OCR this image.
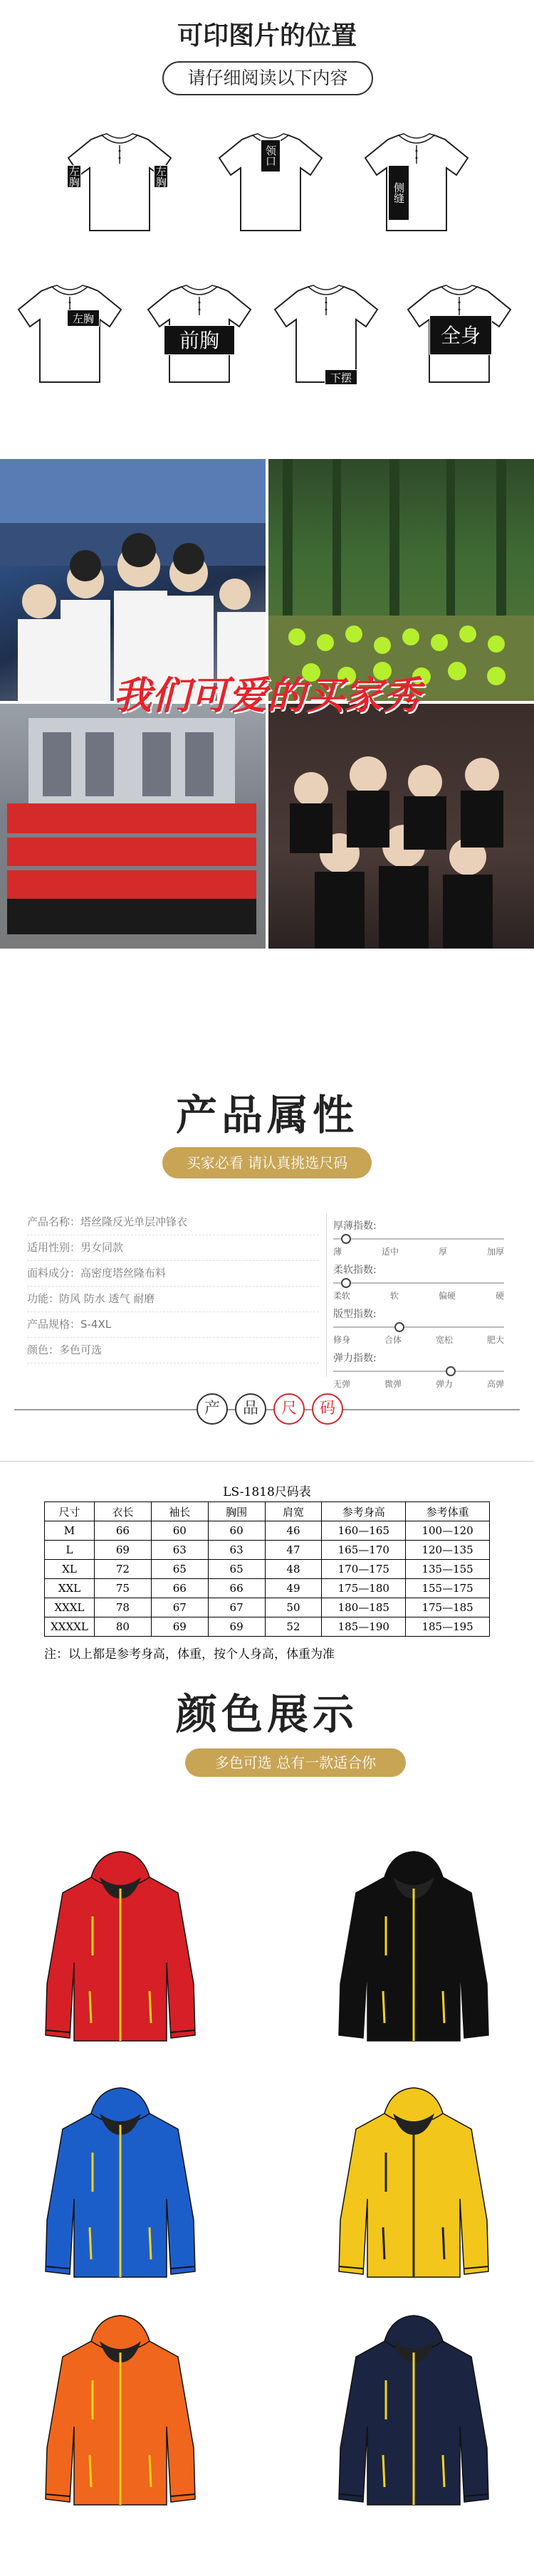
可印图片的位置
请仔细阅读以下内容
左胸	左胸
领口
侧缝
左胸
前胸
下摆
全身
我们可爱的买家秀
产品属性
买家必看 请认真挑选尺码
产品名称：塔丝隆反光单层冲锋衣
适用性别：男女同款
面料成分：高密度塔丝隆布料
功能：防风 防水 透气 耐磨
产品规格：S-4XL
颜色：多色可选
厚薄指数:
薄	适中	厚	加厚
柔软指数:
柔软	软	偏硬	硬
版型指数:
修身	合体	宽松	肥大
弹力指数:
无弹	微弹	弹力	高弹
产	品	尺	码
LS-1818尺码表
尺寸	衣长	袖长	胸围	肩宽	参考身高	参考体重
M	66	60	60	46	160—165	100—120
L	69	63	63	47	165—170	120—135
XL	72	65	65	48	170—175	135—155
XXL	75	66	66	49	175—180	155—175
XXXL	78	67	67	50	180—185	175—185
XXXXL	80	69	69	52	185—190	185—195
注：以上都是参考身高，体重，按个人身高，体重为准
颜色展示
多色可选 总有一款适合你
